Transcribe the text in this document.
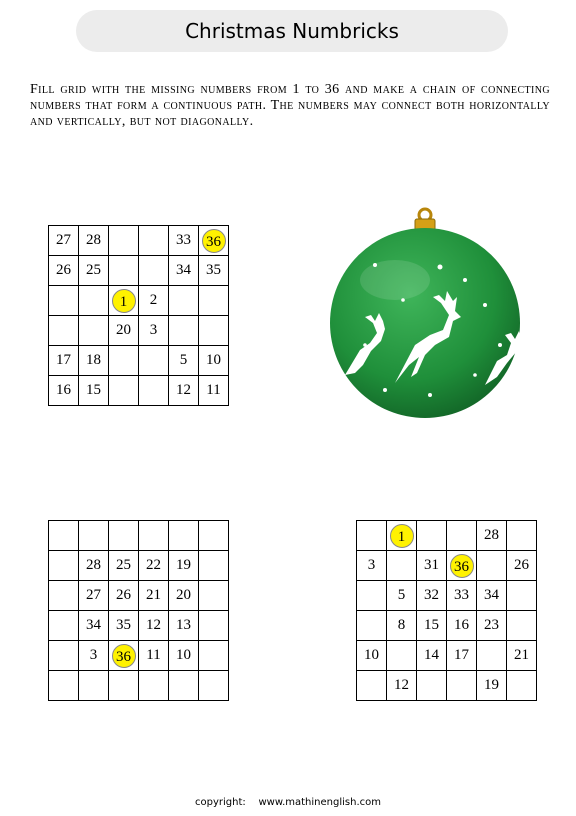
Christmas Numbricks
Fill grid with the missing numbers from 1 to 36 and make a chain of connecting numbers that form a continuous path. The numbers may connect both horizontally and vertically, but not diagonally.
27	28			33	36
26	25			34	35
		1	2		
		20	3		
17	18			5	10
16	15			12	11

	28	25	22	19	
	27	26	21	20	
	34	35	12	13	
	3	36	11	10	

	1			28	
3		31	36		26
	5	32	33	34	
	8	15	16	23	
10		14	17		21
	12			19	
copyright: www.mathinenglish.com
